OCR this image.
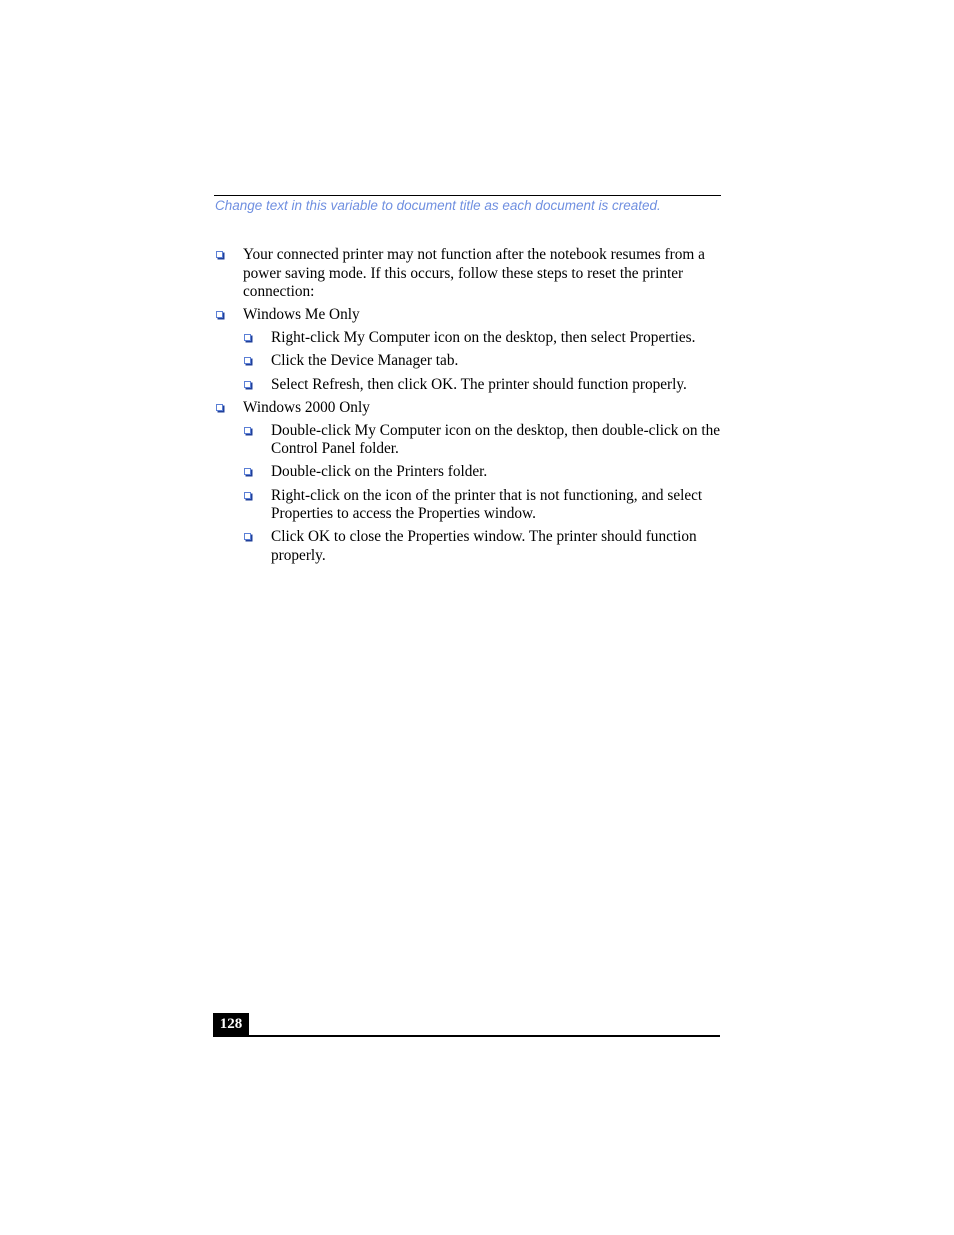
Change text in this variable to document title as each document is created.
Your connected printer may not function after the notebook resumes from a power saving mode. If this occurs, follow these steps to reset the printer connection:
Windows Me Only
Right-click My Computer icon on the desktop, then select Properties.
Click the Device Manager tab.
Select Refresh, then click OK. The printer should function properly.
Windows 2000 Only
Double-click My Computer icon on the desktop, then double-click on the Control Panel folder.
Double-click on the Printers folder.
Right-click on the icon of the printer that is not functioning, and select Properties to access the Properties window.
Click OK to close the Properties window. The printer should function properly.
128
